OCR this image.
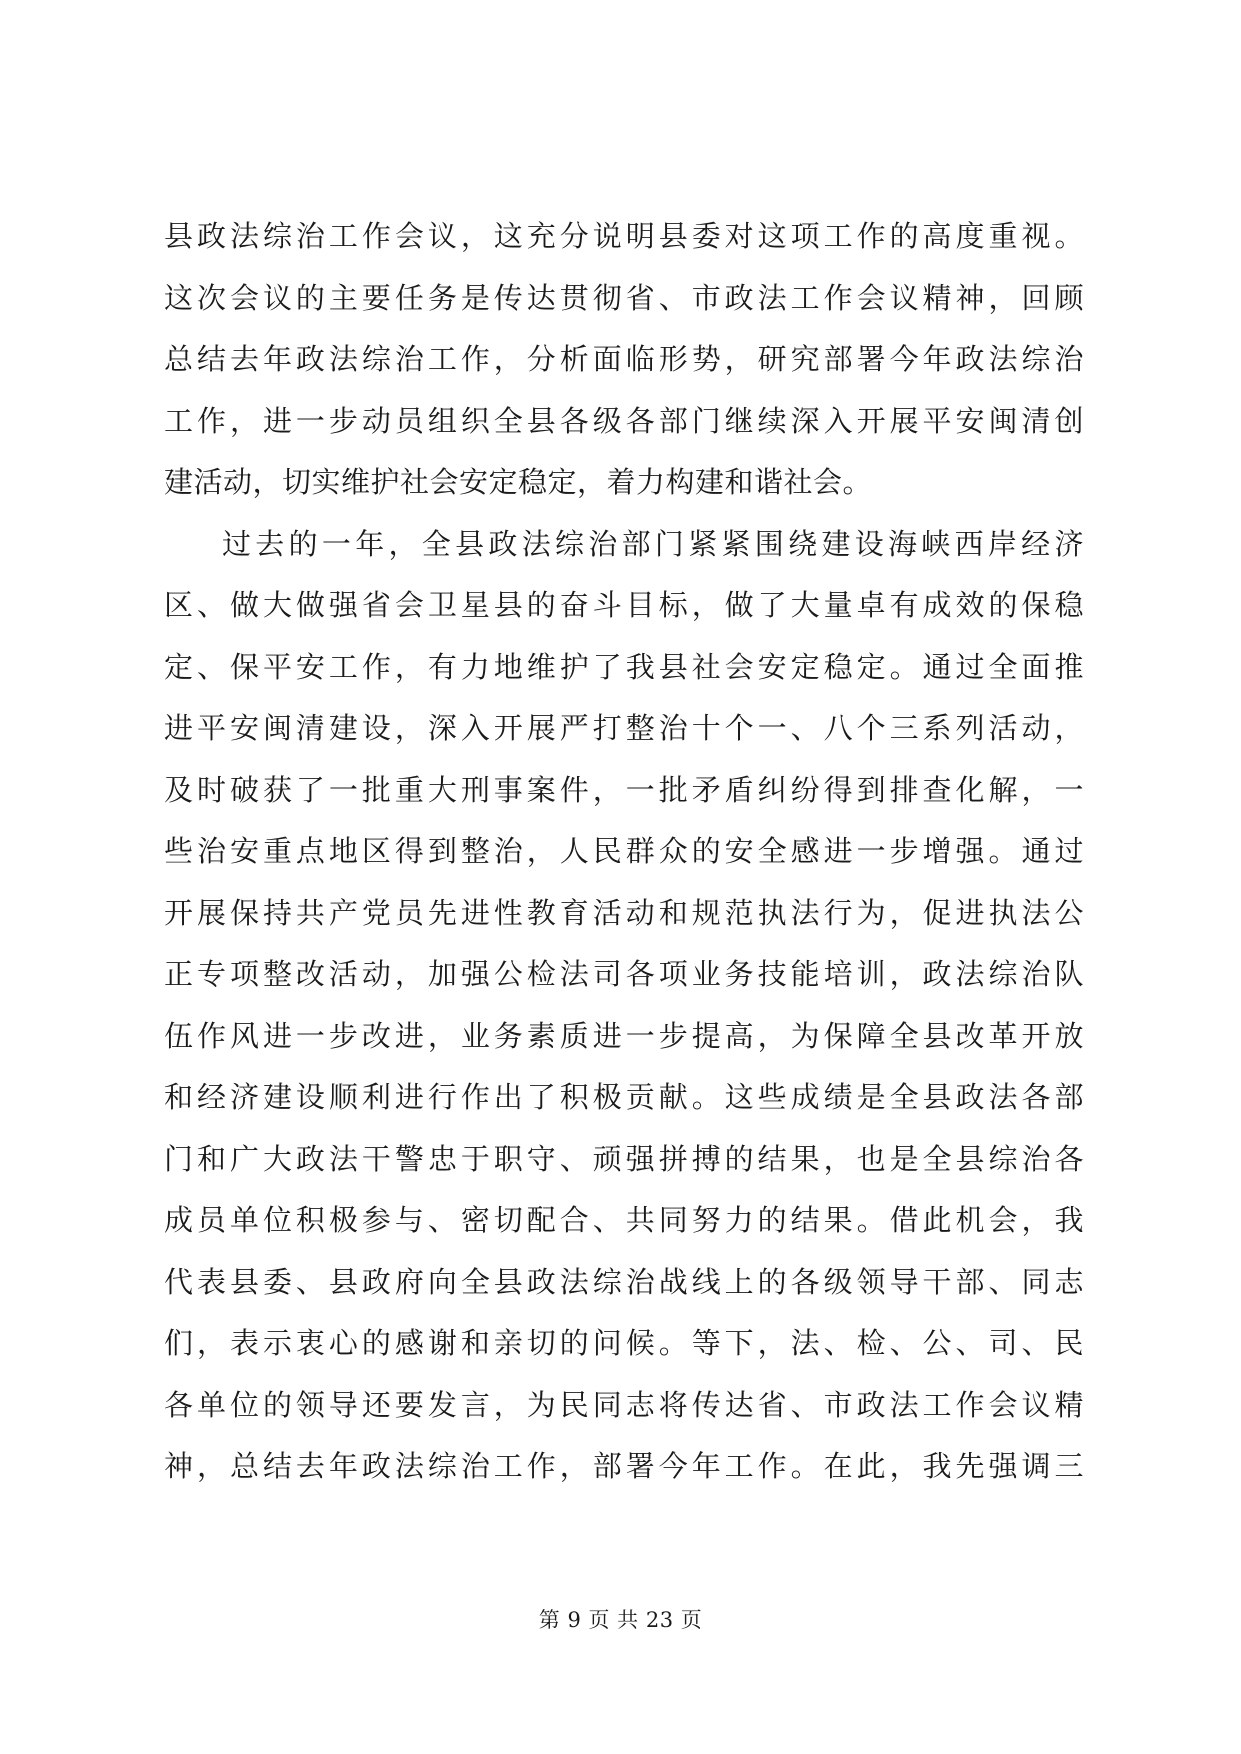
县政法综治工作会议，这充分说明县委对这项工作的高度重视。
这次会议的主要任务是传达贯彻省、市政法工作会议精神，回顾
总结去年政法综治工作，分析面临形势，研究部署今年政法综治
工作，进一步动员组织全县各级各部门继续深入开展平安闽清创
建活动，切实维护社会安定稳定，着力构建和谐社会。
过去的一年，全县政法综治部门紧紧围绕建设海峡西岸经济
区、做大做强省会卫星县的奋斗目标，做了大量卓有成效的保稳
定、保平安工作，有力地维护了我县社会安定稳定。通过全面推
进平安闽清建设，深入开展严打整治十个一、八个三系列活动，
及时破获了一批重大刑事案件，一批矛盾纠纷得到排查化解，一
些治安重点地区得到整治，人民群众的安全感进一步增强。通过
开展保持共产党员先进性教育活动和规范执法行为，促进执法公
正专项整改活动，加强公检法司各项业务技能培训，政法综治队
伍作风进一步改进，业务素质进一步提高，为保障全县改革开放
和经济建设顺利进行作出了积极贡献。这些成绩是全县政法各部
门和广大政法干警忠于职守、顽强拼搏的结果，也是全县综治各
成员单位积极参与、密切配合、共同努力的结果。借此机会，我
代表县委、县政府向全县政法综治战线上的各级领导干部、同志
们，表示衷心的感谢和亲切的问候。等下，法、检、公、司、民
各单位的领导还要发言，为民同志将传达省、市政法工作会议精
神，总结去年政法综治工作，部署今年工作。在此，我先强调三
第 9 页 共 23 页
